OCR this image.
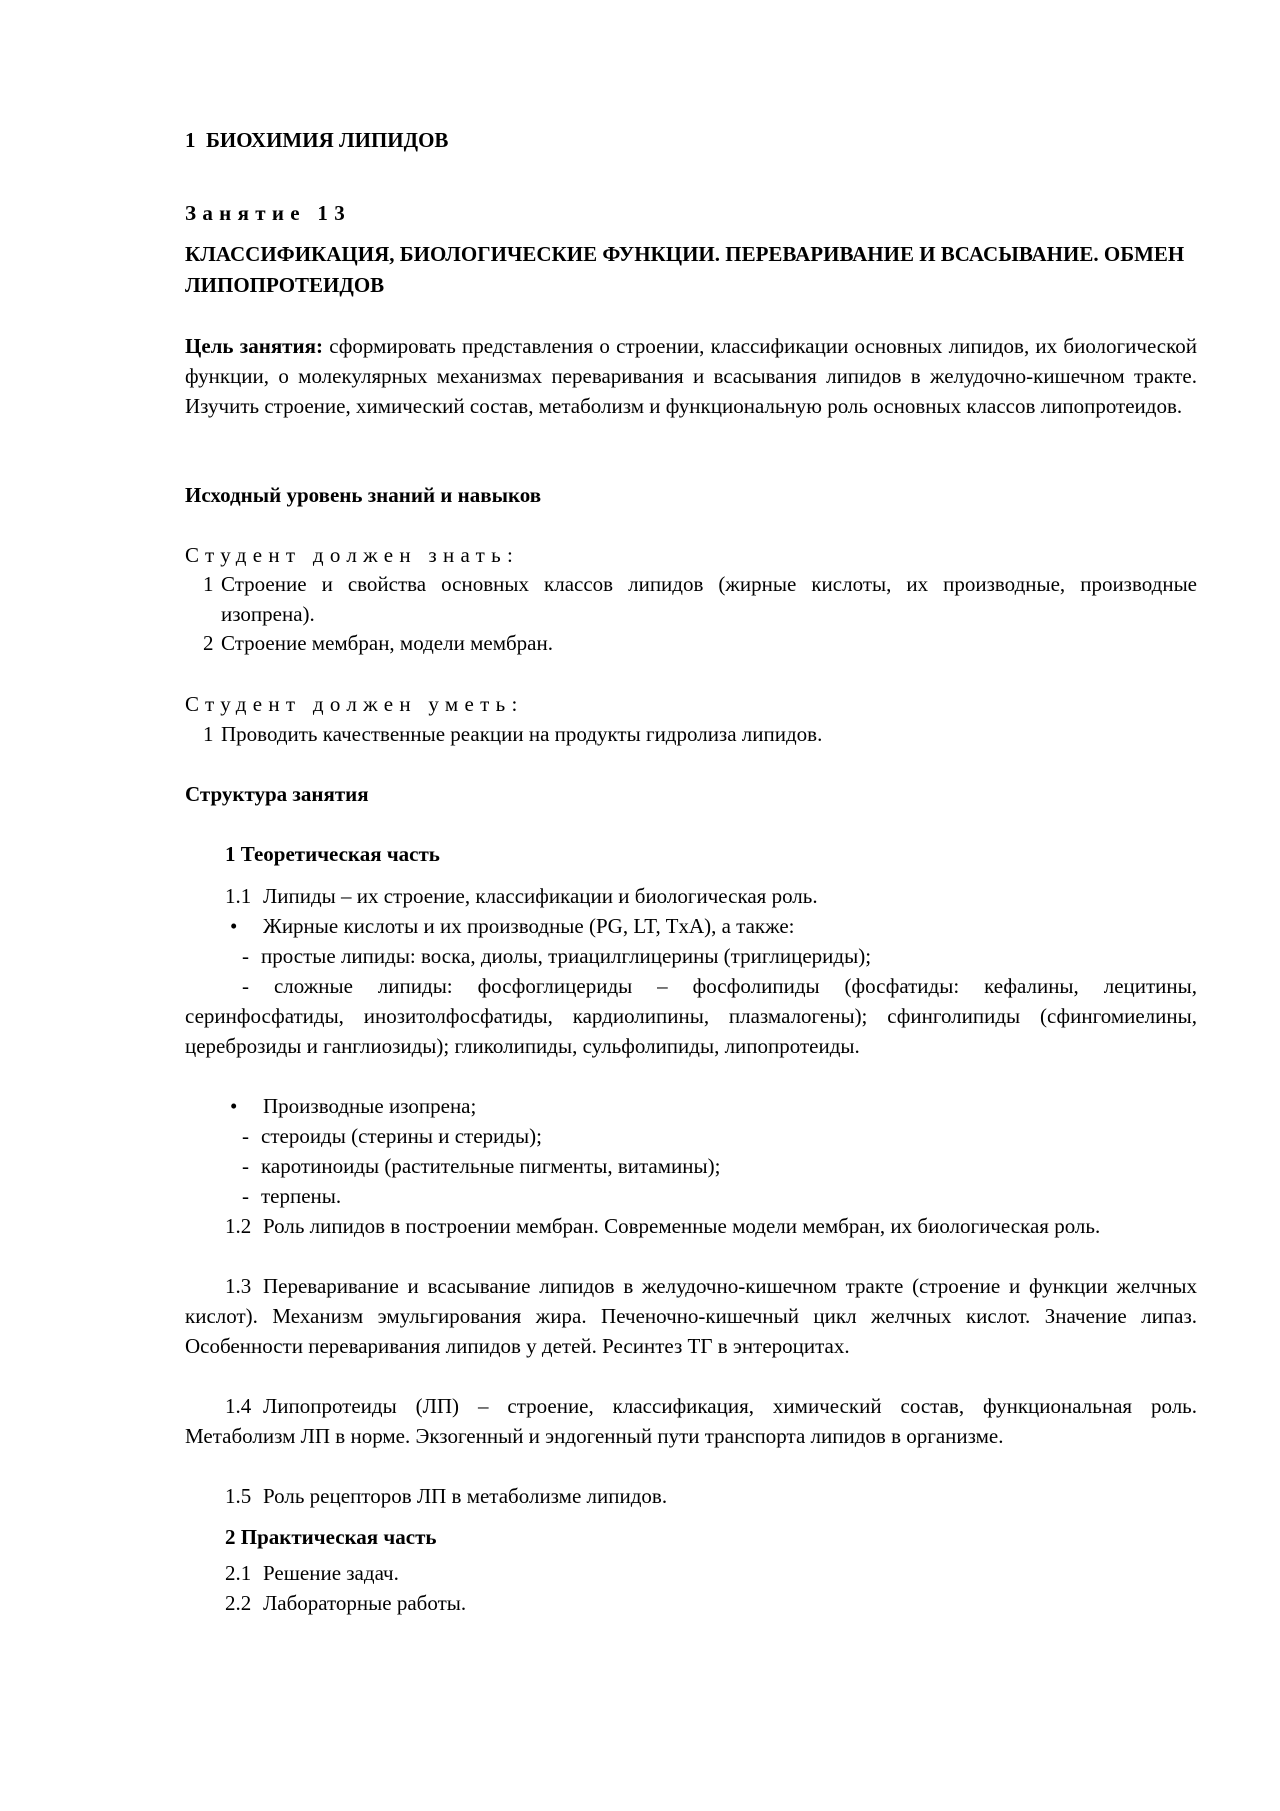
1 БИОХИМИЯ ЛИПИДОВ
Занятие 13
КЛАССИФИКАЦИЯ, БИОЛОГИЧЕСКИЕ ФУНКЦИИ. ПЕРЕВАРИВАНИЕ И ВСАСЫВАНИЕ. ОБМЕН ЛИПОПРОТЕИДОВ
Цель занятия: сформировать представления о строении, классификации основных липидов, их биологической функции, о молекулярных механизмах переваривания и всасывания липидов в желудочно-кишечном тракте. Изучить строение, химический состав, метаболизм и функциональную роль основных классов липопротеидов.
Исходный уровень знаний и навыков
Студент должен знать:
1 Строение и свойства основных классов липидов (жирные кислоты, их производные, производные изопрена).
2 Строение мембран, модели мембран.
Студент должен уметь:
1 Проводить качественные реакции на продукты гидролиза липидов.
Структура занятия
1 Теоретическая часть
1.1 Липиды – их строение, классификации и биологическая роль.
• Жирные кислоты и их производные (PG, LT, TxA), а также:
- простые липиды: воска, диолы, триацилглицерины (триглицериды);
- сложные липиды: фосфоглицериды – фосфолипиды (фосфатиды: кефалины, лецитины, серинфосфатиды, инозитолфосфатиды, кардиолипины, плазмалогены); сфинголипиды (сфингомиелины, цереброзиды и ганглиозиды); гликолипиды, сульфолипиды, липопротеиды.
• Производные изопрена;
- стероиды (стерины и стериды);
- каротиноиды (растительные пигменты, витамины);
- терпены.
1.2 Роль липидов в построении мембран. Современные модели мембран, их биологическая роль.
1.3 Переваривание и всасывание липидов в желудочно-кишечном тракте (строение и функции желчных кислот). Механизм эмульгирования жира. Печеночно-кишечный цикл желчных кислот. Значение липаз. Особенности переваривания липидов у детей. Ресинтез ТГ в энтероцитах.
1.4 Липопротеиды (ЛП) – строение, классификация, химический состав, функциональная роль. Метаболизм ЛП в норме. Экзогенный и эндогенный пути транспорта липидов в организме.
1.5 Роль рецепторов ЛП в метаболизме липидов.
2 Практическая часть
2.1 Решение задач.
2.2 Лабораторные работы.
